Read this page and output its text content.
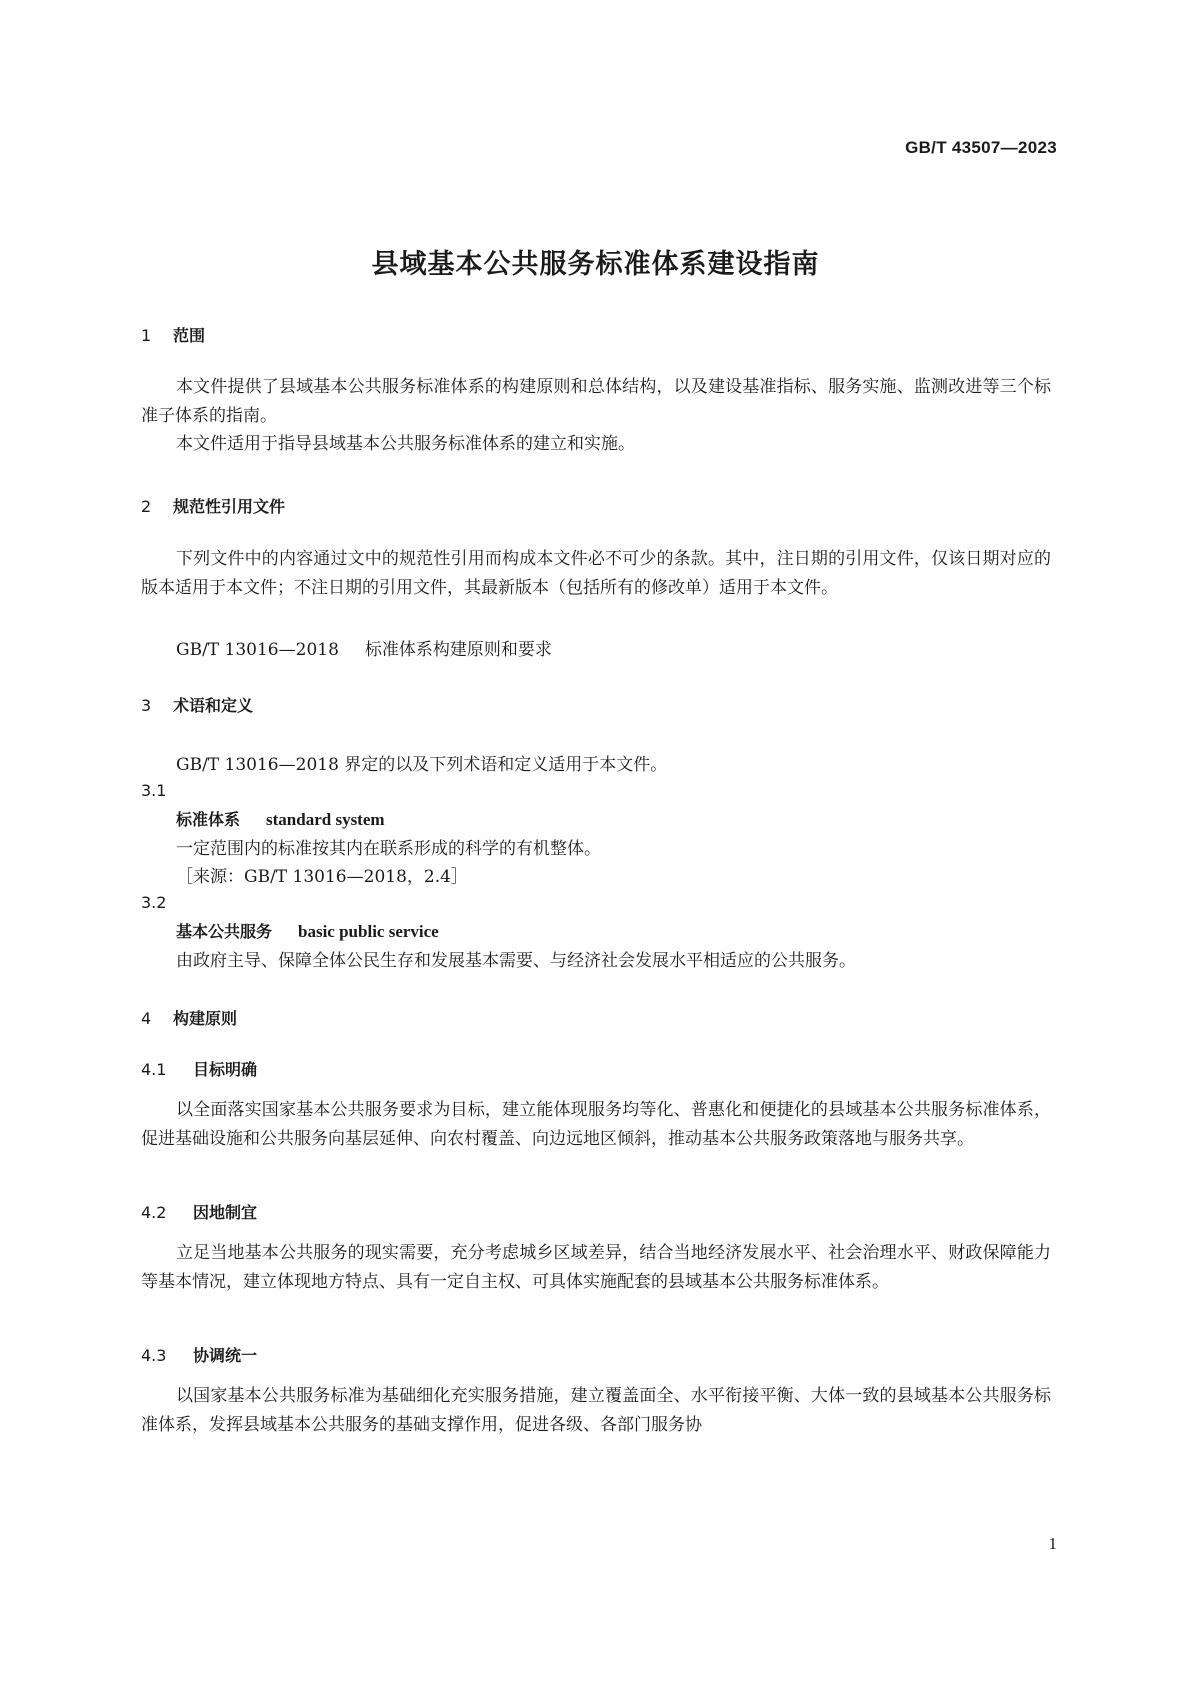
GB/T 43507—2023
县域基本公共服务标准体系建设指南
1 范围
本文件提供了县域基本公共服务标准体系的构建原则和总体结构，以及建设基准指标、服务实施、监测改进等三个标准子体系的指南。
本文件适用于指导县域基本公共服务标准体系的建立和实施。
2 规范性引用文件
下列文件中的内容通过文中的规范性引用而构成本文件必不可少的条款。其中，注日期的引用文件，仅该日期对应的版本适用于本文件；不注日期的引用文件，其最新版本（包括所有的修改单）适用于本文件。
GB/T 13016—2018 标准体系构建原则和要求
3 术语和定义
GB/T 13016—2018 界定的以及下列术语和定义适用于本文件。
3.1
标准体系 standard system
一定范围内的标准按其内在联系形成的科学的有机整体。
［来源：GB/T 13016—2018，2.4］
3.2
基本公共服务 basic public service
由政府主导、保障全体公民生存和发展基本需要、与经济社会发展水平相适应的公共服务。
4 构建原则
4.1 目标明确
以全面落实国家基本公共服务要求为目标，建立能体现服务均等化、普惠化和便捷化的县域基本公共服务标准体系，促进基础设施和公共服务向基层延伸、向农村覆盖、向边远地区倾斜，推动基本公共服务政策落地与服务共享。
4.2 因地制宜
立足当地基本公共服务的现实需要，充分考虑城乡区域差异，结合当地经济发展水平、社会治理水平、财政保障能力等基本情况，建立体现地方特点、具有一定自主权、可具体实施配套的县域基本公共服务标准体系。
4.3 协调统一
以国家基本公共服务标准为基础细化充实服务措施，建立覆盖面全、水平衔接平衡、大体一致的县域基本公共服务标准体系，发挥县域基本公共服务的基础支撑作用，促进各级、各部门服务协
1
